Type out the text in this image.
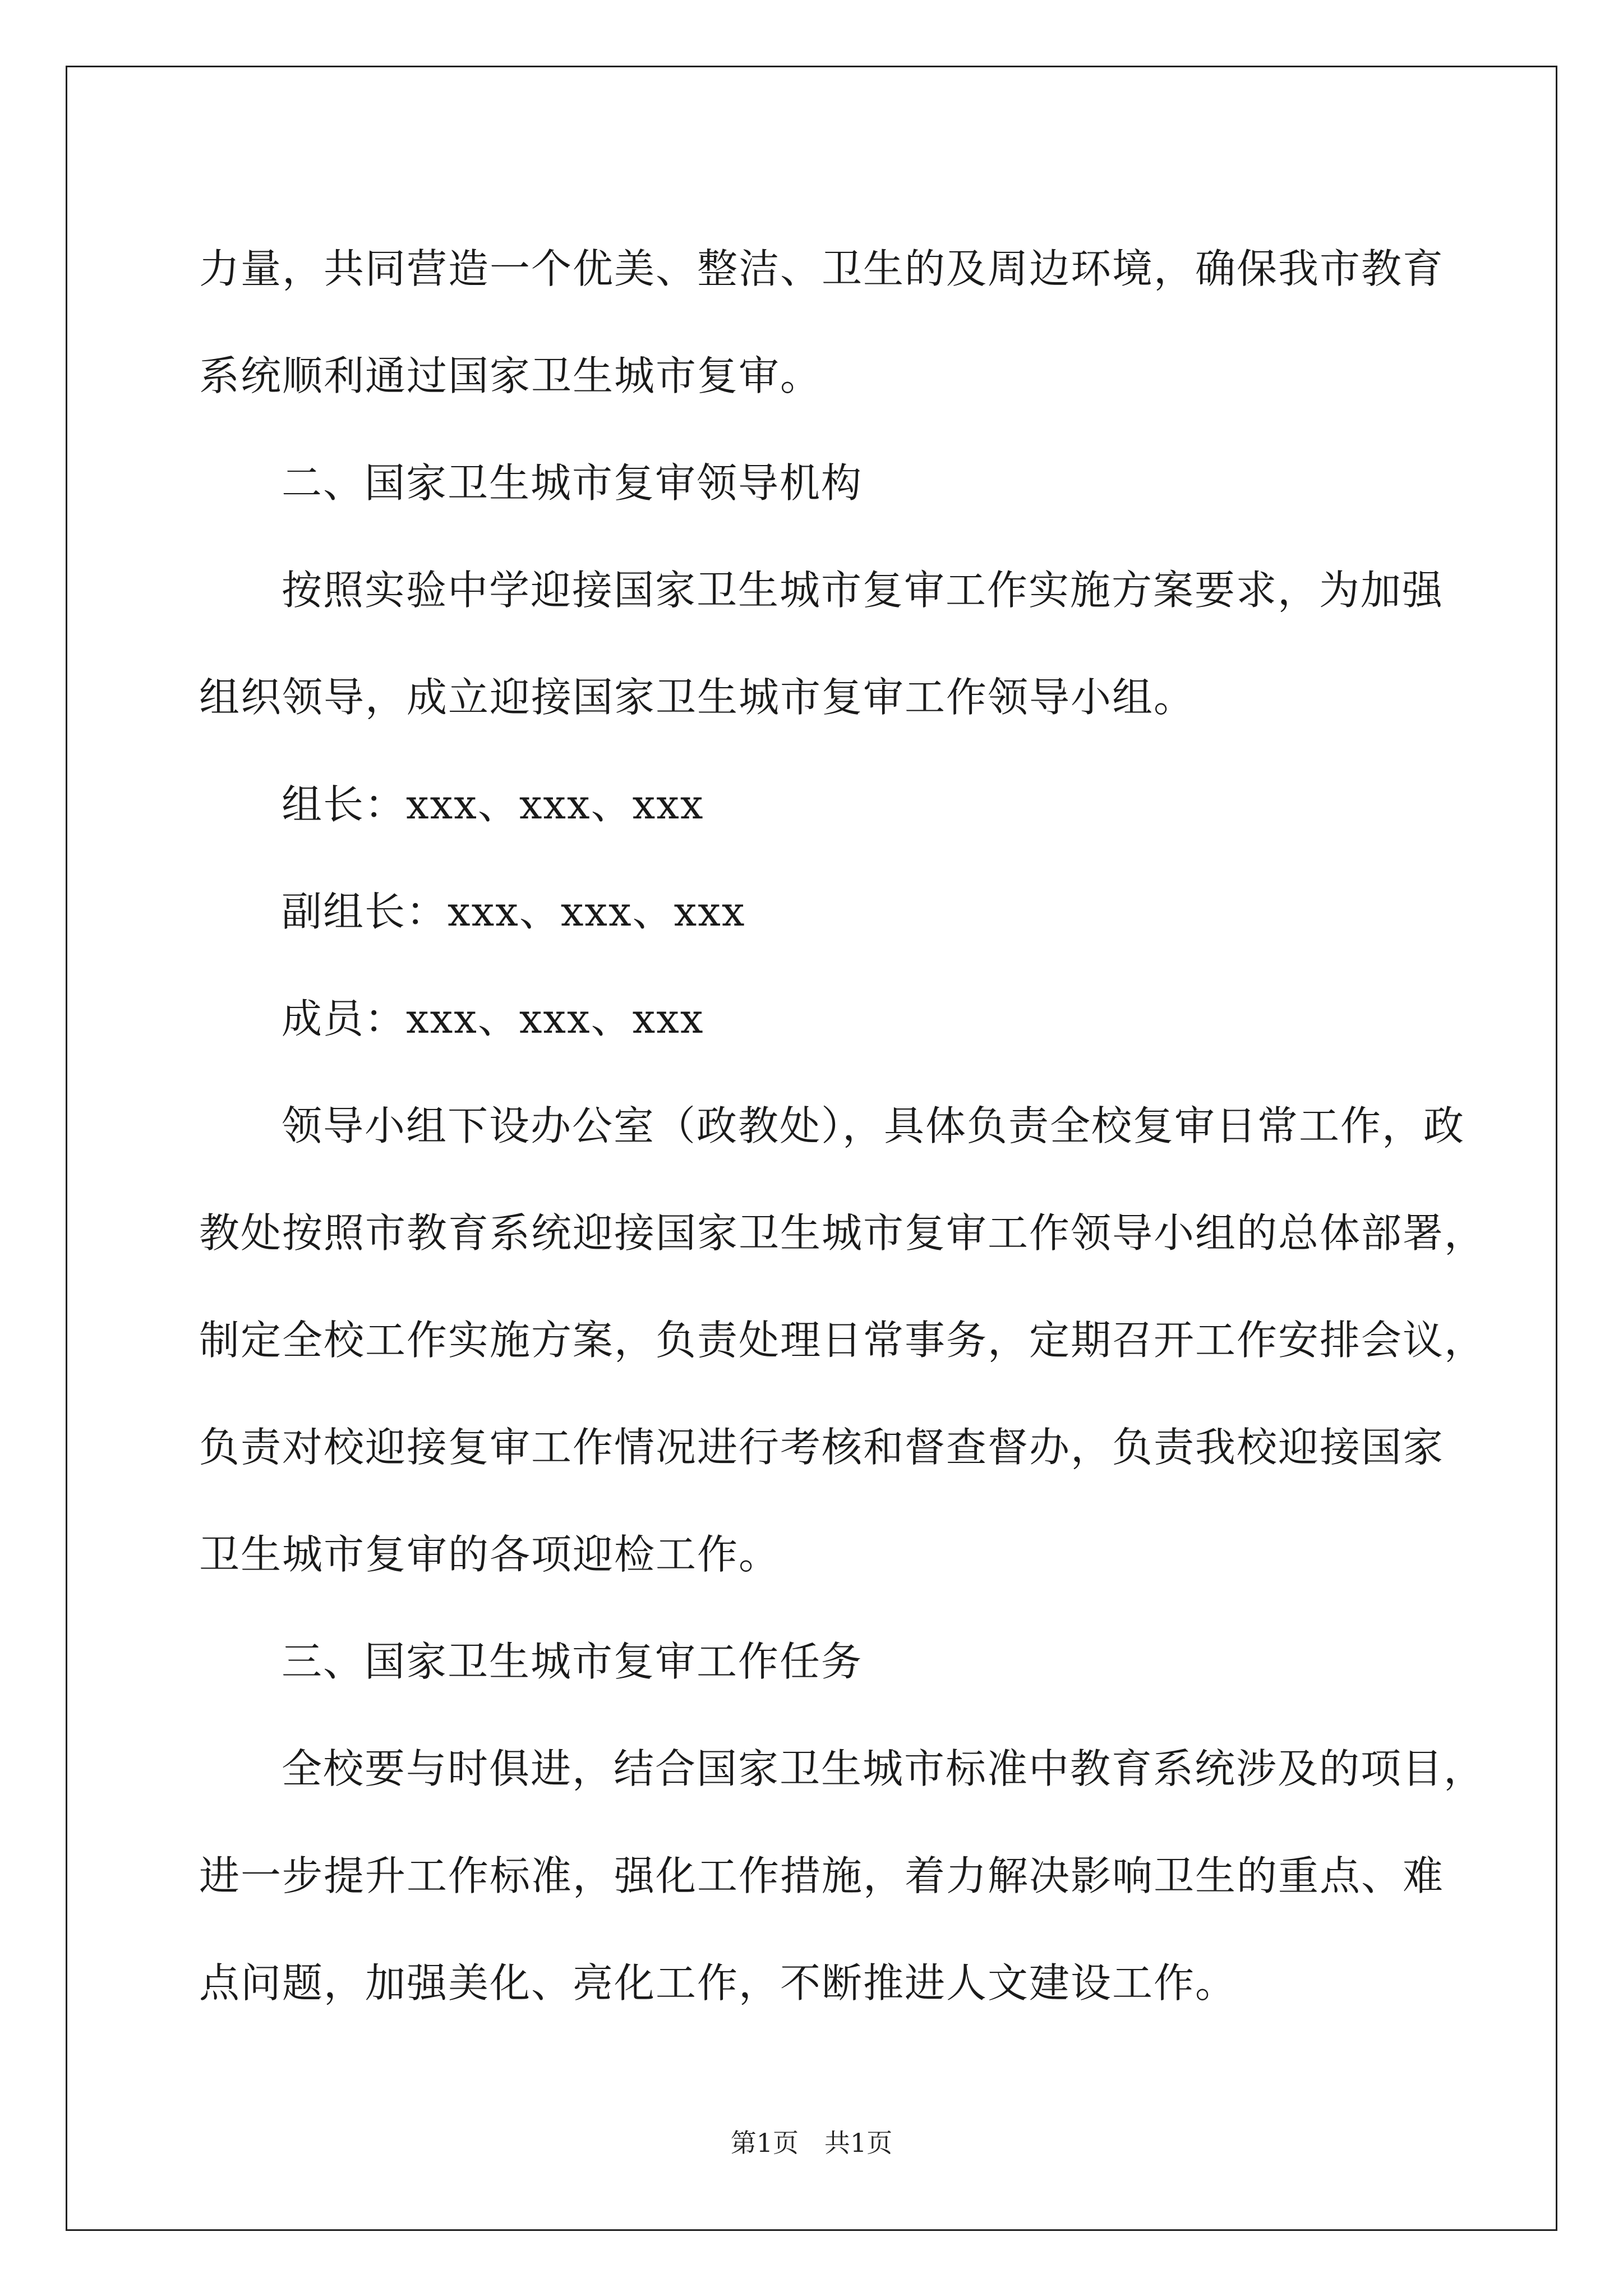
力量，共同营造一个优美、整洁、卫生的及周边环境，确保我市教育

系统顺利通过国家卫生城市复审。

二、国家卫生城市复审领导机构

按照实验中学迎接国家卫生城市复审工作实施方案要求，为加强

组织领导，成立迎接国家卫生城市复审工作领导小组。

组长：xxx、xxx、xxx

副组长：xxx、xxx、xxx

成员：xxx、xxx、xxx

领导小组下设办公室（政教处），具体负责全校复审日常工作，政

教处按照市教育系统迎接国家卫生城市复审工作领导小组的总体部署，

制定全校工作实施方案，负责处理日常事务，定期召开工作安排会议，

负责对校迎接复审工作情况进行考核和督查督办，负责我校迎接国家

卫生城市复审的各项迎检工作。

三、国家卫生城市复审工作任务

全校要与时俱进，结合国家卫生城市标准中教育系统涉及的项目，

进一步提升工作标准，强化工作措施，着力解决影响卫生的重点、难

点问题，加强美化、亮化工作，不断推进人文建设工作。

第1页　共1页
